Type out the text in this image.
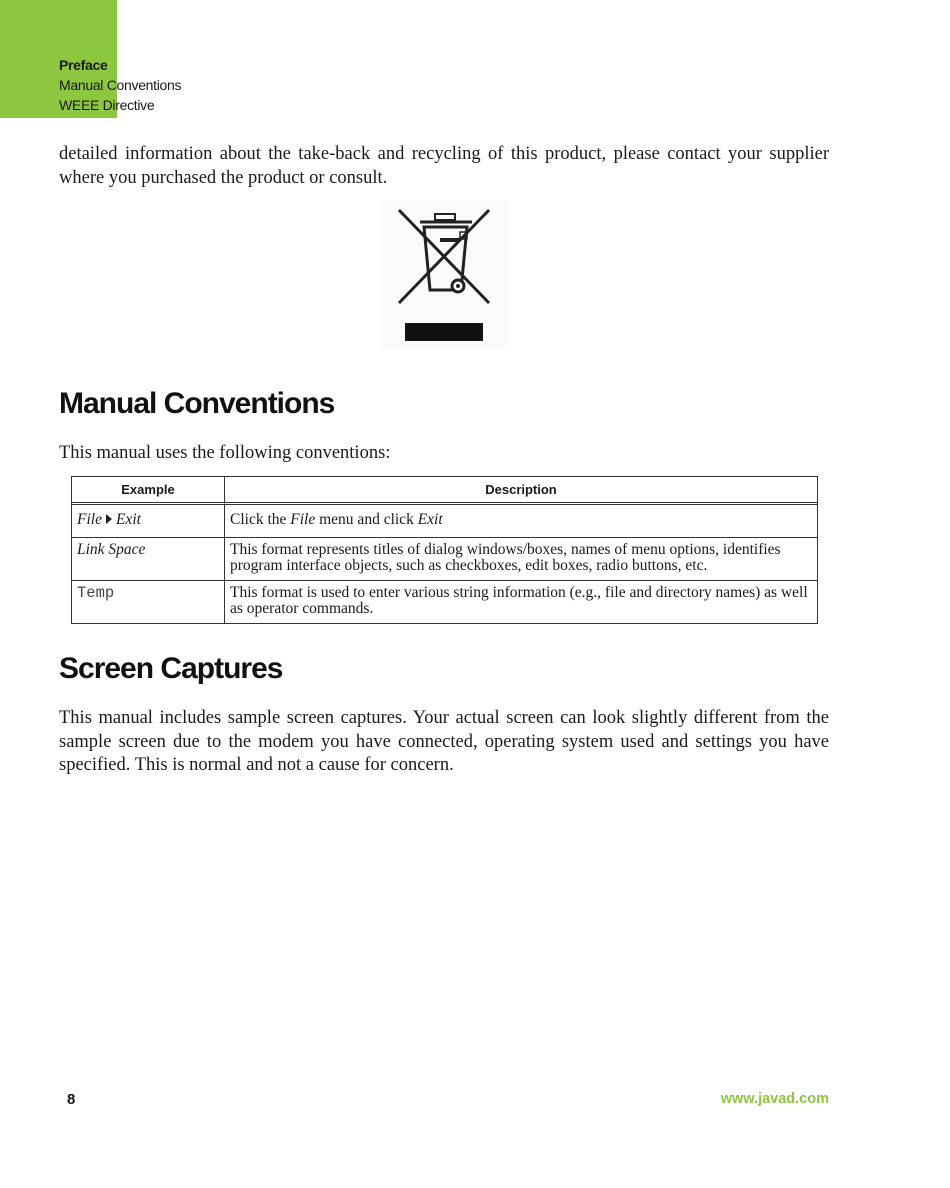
Preface
Manual Conventions
WEEE Directive

detailed information about the take-back and recycling of this product, please contact your supplier where you purchased the product or consult.

Manual Conventions

This manual uses the following conventions:

Example	Description
File Exit	Click the File menu and click Exit
Link Space	This format represents titles of dialog windows/boxes, names of menu options, identifies program interface objects, such as checkboxes, edit boxes, radio buttons, etc.
Temp	This format is used to enter various string information (e.g., file and directory names) as well as operator commands.
Screen Captures

This manual includes sample screen captures. Your actual screen can look slightly different from the sample screen due to the modem you have connected, operating system used and settings you have specified. This is normal and not a cause for concern.

8	www.javad.com
